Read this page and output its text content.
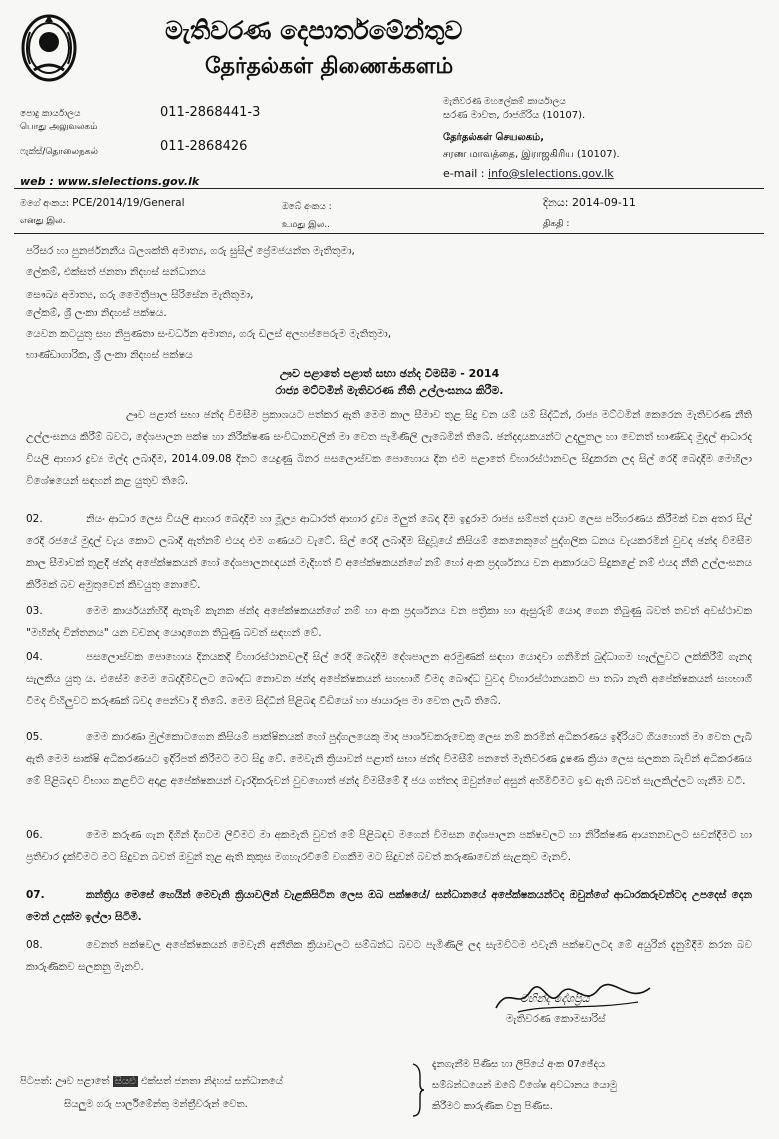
මැතිවරණ දෙපාර්තමේන්තුව
தேர்தல்கள் திணைக்களம்
පොදු කාර්යාලය
பொது அலுவலகம்
011-2868441-3
ෆැක්ස්/தொலைநகல்	011-2868426
මැතිවරණ මහලේකම් කාර්යාලය
සරණ මාවත, රාජගිරිය (10107).
தேர்தல்கள் செயலகம்,
சரண மாவத்தை, இராஜகிரிய (10107).
e-mail : info@slelections.gov.lk
web : www.slelections.gov.lk
මගේ අංකය: PCE/2014/19/General
எனது இல.
ඔබේ අංකය :
உமது இல..
දිනය: 2014-09-11
திகதி :
පරිසර හා පුනර්ජනනීය බලශක්ති අමාත්‍ය, ගරු සුසිල් ප්‍රේමජයන්ත මැතිතුමා,
ලේකම්, එක්සත් ජනතා නිදහස් සන්ධානය
සෞඛ්‍ය අමාත්‍ය, ගරු මෛත්‍රීපාල සිරිසේන මැතිතුමා,
ලේකම්, ශ්‍රී ලංකා නිදහස් පක්ෂය.
යෙවන කටයුතු සහ නිපුණතා සංවර්ධන අමාත්‍ය, ගරු ඩලස් අලහප්පෙරුම මැතිතුමා,
භාණ්ඩාගාරික, ශ්‍රී ලංකා නිදහස් පක්ෂය
ඌව පළාතේ පළාත් සභා ඡන්ද විමසීම - 2014
රාජ්‍ය මට්ටමින් මැතිවරණ නීති උල්ලංඝනය කිරීම.
ඌව පළාත් සභා ඡන්ද විමසීම ප්‍රකාශයට පත්කර ඇති මෙම කාල සීමාව තුළ සිදු වන යම් යම් සිද්ධීන්, රාජ්‍ය මට්ටමින් කෙරෙන මැතිවරණ නීති උල්ලංඝනය කිරීම් බවට, දේශපාලන පක්ෂ හා නිරීක්ෂණ සංවිධානවලින් මා වෙත පැමිණිලි ලැබෙමින් තිබේ. ඡන්දදායකයන්ට උදලුතල හා වෙනත් භාණ්ඩද මුදල් ආධාරද වියලි ආහාර ද්‍රව්‍ය මල්ද ලබාදීම, 2014.09.08 දිනට යෙදුණු බිනර පසලොස්වක පොහොය දින එම පළාතේ විහාරස්ථානවල සිදුකරන ලද සිල් රෙදි බෙදාදීම මෙහිලා විශේෂයෙන් සඳහන් කළ යුතුව තිබේ.
02.	නියං ආධාර ලෙස වියලි ආහාර බෙදාදීම හා මූල්‍ය ආධාරත් ආහාර ද්‍රව්‍ය මලුත් බෙදා දීම ඉදුරාම රාජ්‍ය සම්පත් දයාව ලෙස පරිහරණය කිරීමක් වන අතර සිල් රෙදි රජයේ මුදල් වැය කොට ලබාදී ඇත්නම් එයද එම ගණයට වැටේ. සිල් රෙදි ලබාදීම සිදුවූයේ කිසියම් කෙනෙකුගේ පුද්ගලික ධනය වැයකරමින් වුවද ඡන්ද විමසීම කාල සීමාවක් තුළදී ඡන්ද අපේක්ෂකයන් හෝ දේශපාලනඥයන් මැදිහත් වී අපේක්ෂකයන්ගේ නම් හෝ අංක ප්‍රදර්ශනය වන ආකාරයට සිදුකළේ නම් එයද නීති උල්ලංඝනය කිරීමක් බව අමුතුවෙන් කිවයුතු නොවේ.
03.	මෙම කාර්යයන්හිදී ඇතැම් කැනක ඡන්ද අපේක්ෂකයන්ගේ නම් හා අංක ප්‍රදර්ශනය වන පත්‍රිකා හා ඇසුරුම් යොදා ගෙන තිබුණු බවත් තවත් අවස්ථාවක "මහින්ද චින්තනය" යන වචනද යොදාගෙන තිබුණු බවත් සඳහන් වේ.
04.	පසලොස්වක පොහොය දිනයකදී විහාරස්ථානවලදී සිල් රෙදි බෙදාදීම දේශපාලන අරමුණක් සඳහා යොදවා ගනිමින් බුද්ධාගම හෑල්ලුවට ලක්කිරීම් ගැනද සැලකිය යුතු ය. එසේම මෙම බෙදාදීම්වලට බෞද්ධ නොවන ඡන්ද අපේක්ෂකයන් සහභාගී වීමද බෞද්ධ වුවද විහාරස්ථානයකට පා තබා නැති අපේක්ෂකයන් සහභාගී වීමද විහිලුවට කරුණක් බවද පෙන්වා දී තිබේ. මෙම සිද්ධීන් පිළිබඳ වීඩියෝ හා ඡායාරූප මා වෙත ලැබී තිබේ.
05.	මෙම කාරණා මුල්කොටගෙන කිසියම් පාක්ෂිකයක් හෝ පුද්ගලයෙකු මාද පාර්ශවකරුවෙකු ලෙස නම් කරමින් අධිකරණය ඉදිරියට ගියහොත් මා වෙත ලැබී ඇති මෙම සාක්ෂි අධිකරණයට ඉදිරිපත් කිරීමට මට සිදු වේ. මෙවැනි ක්‍රියාවන් පළාත් සභා ඡන්ද විමසීම් පනතේ මැතිවරණ දූෂණ ක්‍රියා ලෙස සලකන බැවින් අධිකරණය මේ පිළිබඳව විභාග කළවිට අදාළ අපේක්ෂකයන් වැරදිකරුවන් වුවහොත් ඡන්ද විමසීමේ දී ජය ගත්තද ඔවුන්ගේ අසුන් අහිමිවීමට ඉඩ ඇති බවත් සැලකිල්ලට ගැනීම වටී.
06.	මෙම කරුණ ගැන දිගින් දිගටම ලිවීමට මා අකමැති වුවත් මේ පිළිබඳව මගෙන් විමසන දේශපාලන පක්ෂවලට හා නිරීක්ෂණ ආයතනවලට සවන්දීමට හා ප්‍රතිචාර දැක්වීමට මට සිදුවන බවත් ඔවුන් තුළ ඇති කුකුස මගහැරවීමේ වගකීම මට සිදුවන් බවත් කරුණාවෙන් සැළකුව මැනවි.
07.	කන්ත්‍රිය මෙසේ හෙයින් මෙවැනි ක්‍රියාවලින් වැළකිසිටින ලෙස ඔබ පක්ෂයේ/ සන්ධානයේ අපේක්ෂකයන්ටද ඔවුන්ගේ ආධාරකරුවන්ටද උපදෙස් දෙන මෙන් උදක්ම ඉල්ලා සිටිමි.
08.	වෙනත් පක්ෂවල අපේක්ෂකයන් මෙවැනි අනීතික ක්‍රියාවලට සම්බන්ධ බවට පැමිණිලි ලද සැමවිටම එවැනි පක්ෂවලටද මේ අයුරින් දැනුම්දීම කරන බව කාරුණිකව සලකනු මැනවි.
මහින්ද දේශප්‍රිය
මැතිවරණ කොමසාරිස්
පිටපත්: ඌව පළාතේ සියළු එක්සත් ජනතා නිදහස් සන්ධානයේ
සියලුම ගරු පාර්ලිමේන්තු මන්ත්‍රීවරුන් වෙත.
දැනගැනීම පිණිස හා ලිපියේ අංක 07ඡේදය
සම්බන්ධයෙන් ඔබේ විශේෂ අවධානය යොමු
කිරීමට කාරුණික වනු පිණිස.
